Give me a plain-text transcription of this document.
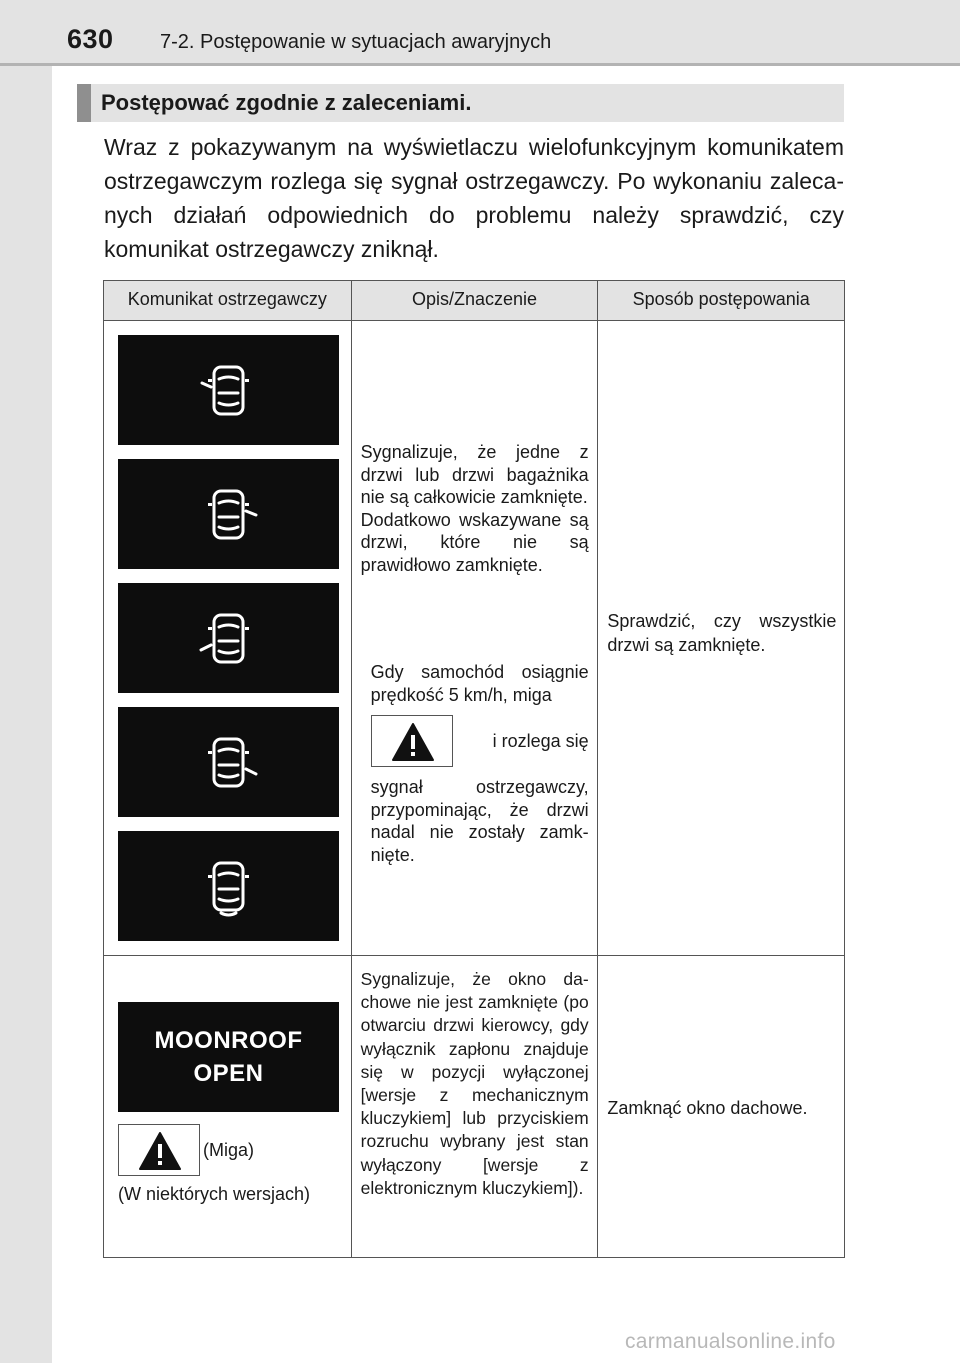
630 7-2. Postępowanie w sytuacjach awaryjnych
Postępować zgodnie z zaleceniami.
Wraz z pokazywanym na wyświetlaczu wielofunkcyjnym komunikatem ostrzegawczym rozlega się sygnał ostrzegawczy. Po wykonaniu zalecanych działań odpowiednich do problemu należy sprawdzić, czy komunikat ostrzegawczy zniknął.
Komunikat ostrzegawczy	Opis/Znaczenie	Sposób postępowania

Sygnalizuje, że jedne z drzwi lub drzwi bagażnika nie są całkowicie zamknięte.

Dodatkowo wskazywane są drzwi, które nie są prawidłowo zamknięte.

Gdy samochód osiągnie prędkość 5 km/h, miga
i rozlega się
sygnał ostrzegawczy, przypominając, że drzwi nadal nie zostały zamknięte.
Sprawdzić, czy wszystkie drzwi są zamknięte.
MOONROOF
OPEN
(Miga)
(W niektórych wersjach)
Sygnalizuje, że okno dachowe nie jest zamknięte (po otwarciu drzwi kierowcy, gdy wyłącznik zapłonu znajduje się w pozycji wyłączonej [wersje z mechanicznym kluczykiem] lub przyciskiem rozruchu wybrany jest stan wyłączony [wersje z elektronicznym kluczykiem]).
Zamknąć okno dachowe.
carmanualsonline.info
